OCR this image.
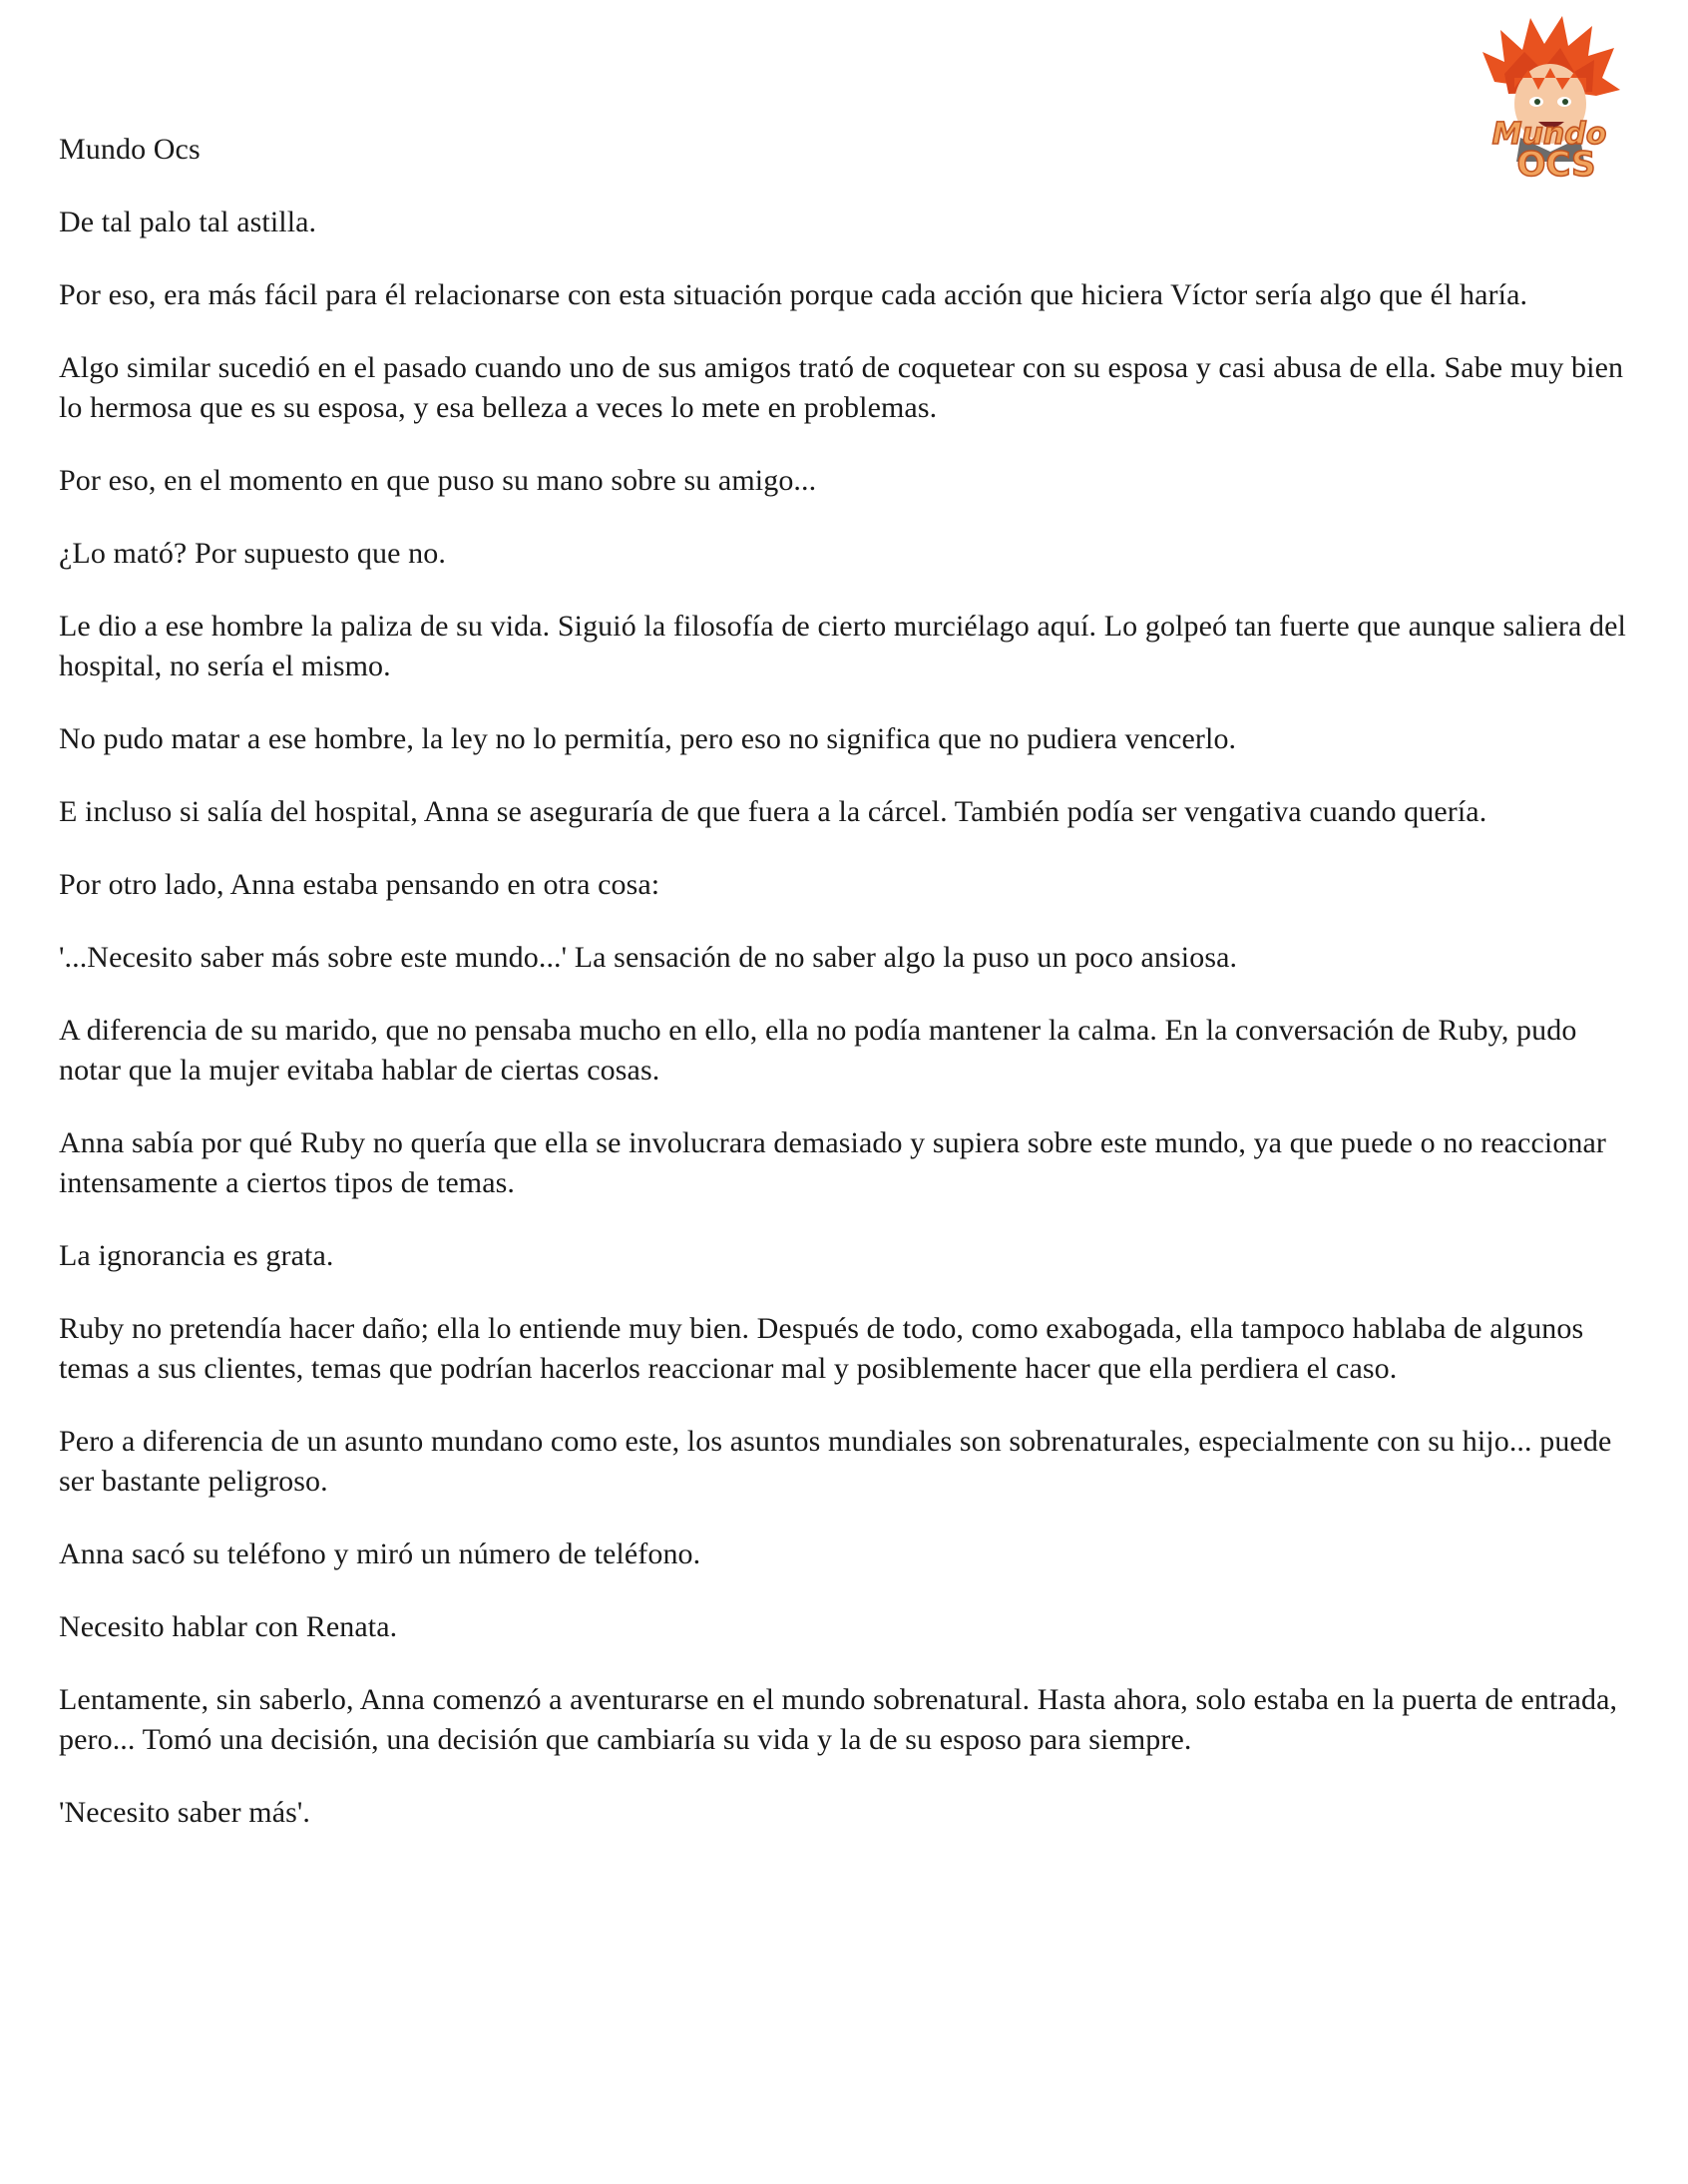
Mundo
OCS

Mundo Ocs

De tal palo tal astilla.

Por eso, era más fácil para él relacionarse con esta situación porque cada acción que hiciera Víctor sería algo que él haría.

Algo similar sucedió en el pasado cuando uno de sus amigos trató de coquetear con su esposa y casi abusa de ella. Sabe muy bien lo hermosa que es su esposa, y esa belleza a veces lo mete en problemas.

Por eso, en el momento en que puso su mano sobre su amigo...

¿Lo mató? Por supuesto que no.

Le dio a ese hombre la paliza de su vida. Siguió la filosofía de cierto murciélago aquí. Lo golpeó tan fuerte que aunque saliera del hospital, no sería el mismo.

No pudo matar a ese hombre, la ley no lo permitía, pero eso no significa que no pudiera vencerlo.

E incluso si salía del hospital, Anna se aseguraría de que fuera a la cárcel. También podía ser vengativa cuando quería.

Por otro lado, Anna estaba pensando en otra cosa:

'...Necesito saber más sobre este mundo...' La sensación de no saber algo la puso un poco ansiosa.

A diferencia de su marido, que no pensaba mucho en ello, ella no podía mantener la calma. En la conversación de Ruby, pudo notar que la mujer evitaba hablar de ciertas cosas.

Anna sabía por qué Ruby no quería que ella se involucrara demasiado y supiera sobre este mundo, ya que puede o no reaccionar intensamente a ciertos tipos de temas.

La ignorancia es grata.

Ruby no pretendía hacer daño; ella lo entiende muy bien. Después de todo, como exabogada, ella tampoco hablaba de algunos temas a sus clientes, temas que podrían hacerlos reaccionar mal y posiblemente hacer que ella perdiera el caso.

Pero a diferencia de un asunto mundano como este, los asuntos mundiales son sobrenaturales, especialmente con su hijo... puede ser bastante peligroso.

Anna sacó su teléfono y miró un número de teléfono.

Necesito hablar con Renata.

Lentamente, sin saberlo, Anna comenzó a aventurarse en el mundo sobrenatural. Hasta ahora, solo estaba en la puerta de entrada, pero... Tomó una decisión, una decisión que cambiaría su vida y la de su esposo para siempre.

'Necesito saber más'.
